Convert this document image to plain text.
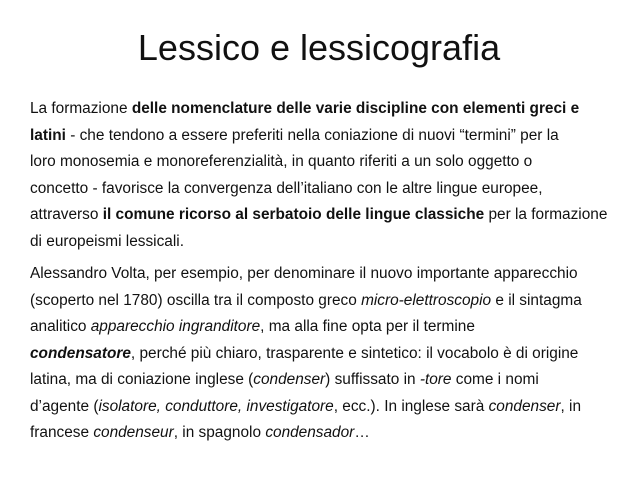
Lessico e lessicografia

La formazione delle nomenclature delle varie discipline con elementi greci e
latini - che tendono a essere preferiti nella coniazione di nuovi “termini” per la
loro monosemia e monoreferenzialità, in quanto riferiti a un solo oggetto o
concetto - favorisce la convergenza dell’italiano con le altre lingue europee,
attraverso il comune ricorso al serbatoio delle lingue classiche per la formazione
di europeismi lessicali.

Alessandro Volta, per esempio, per denominare il nuovo importante apparecchio
(scoperto nel 1780) oscilla tra il composto greco micro-elettroscopio e il sintagma
analitico apparecchio ingranditore, ma alla fine opta per il termine
condensatore, perché più chiaro, trasparente e sintetico: il vocabolo è di origine
latina, ma di coniazione inglese (condenser) suffissato in -tore come i nomi
d’agente (isolatore, conduttore, investigatore, ecc.). In inglese sarà condenser, in
francese condenseur, in spagnolo condensador…
